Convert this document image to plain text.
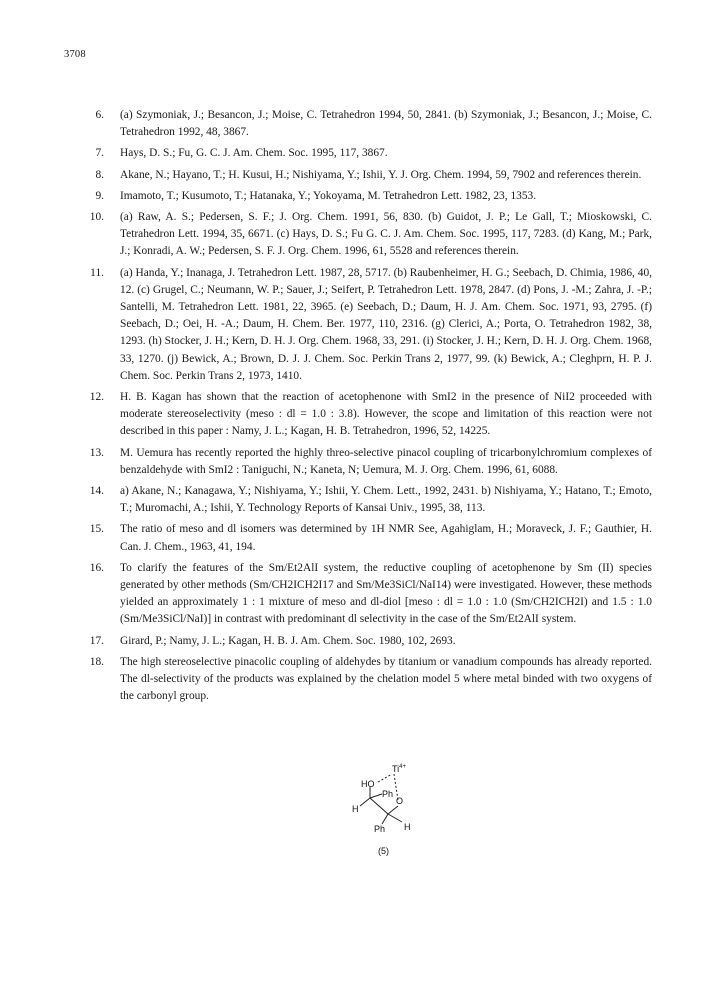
3708
6. (a) Szymoniak, J.; Besancon, J.; Moise, C. Tetrahedron 1994, 50, 2841. (b) Szymoniak, J.; Besancon, J.; Moise, C. Tetrahedron 1992, 48, 3867.
7. Hays, D. S.; Fu, G. C. J. Am. Chem. Soc. 1995, 117, 3867.
8. Akane, N.; Hayano, T.; H. Kusui, H.; Nishiyama, Y.; Ishii, Y. J. Org. Chem. 1994, 59, 7902 and references therein.
9. Imamoto, T.; Kusumoto, T.; Hatanaka, Y.; Yokoyama, M. Tetrahedron Lett. 1982, 23, 1353.
10. (a) Raw, A. S.; Pedersen, S. F.; J. Org. Chem. 1991, 56, 830. (b) Guidot, J. P.; Le Gall, T.; Mioskowski, C. Tetrahedron Lett. 1994, 35, 6671. (c) Hays, D. S.; Fu G. C. J. Am. Chem. Soc. 1995, 117, 7283. (d) Kang, M.; Park, J.; Konradi, A. W.; Pedersen, S. F. J. Org. Chem. 1996, 61, 5528 and references therein.
11. (a) Handa, Y.; Inanaga, J. Tetrahedron Lett. 1987, 28, 5717. (b) Raubenheimer, H. G.; Seebach, D. Chimia, 1986, 40, 12. (c) Grugel, C.; Neumann, W. P.; Sauer, J.; Seifert, P. Tetrahedron Lett. 1978, 2847. (d) Pons, J. -M.; Zahra, J. -P.; Santelli, M. Tetrahedron Lett. 1981, 22, 3965. (e) Seebach, D.; Daum, H. J. Am. Chem. Soc. 1971, 93, 2795. (f) Seebach, D.; Oei, H. -A.; Daum, H. Chem. Ber. 1977, 110, 2316. (g) Clerici, A.; Porta, O. Tetrahedron 1982, 38, 1293. (h) Stocker, J. H.; Kern, D. H. J. Org. Chem. 1968, 33, 291. (i) Stocker, J. H.; Kern, D. H. J. Org. Chem. 1968, 33, 1270. (j) Bewick, A.; Brown, D. J. J. Chem. Soc. Perkin Trans 2, 1977, 99. (k) Bewick, A.; Cleghprn, H. P. J. Chem. Soc. Perkin Trans 2, 1973, 1410.
12. H. B. Kagan has shown that the reaction of acetophenone with SmI2 in the presence of NiI2 proceeded with moderate stereoselectivity (meso : dl = 1.0 : 3.8). However, the scope and limitation of this reaction were not described in this paper : Namy, J. L.; Kagan, H. B. Tetrahedron, 1996, 52, 14225.
13. M. Uemura has recently reported the highly threo-selective pinacol coupling of tricarbonylchromium complexes of benzaldehyde with SmI2 : Taniguchi, N.; Kaneta, N; Uemura, M. J. Org. Chem. 1996, 61, 6088.
14. a) Akane, N.; Kanagawa, Y.; Nishiyama, Y.; Ishii, Y. Chem. Lett., 1992, 2431. b) Nishiyama, Y.; Hatano, T.; Emoto, T.; Muromachi, A.; Ishii, Y. Technology Reports of Kansai Univ., 1995, 38, 113.
15. The ratio of meso and dl isomers was determined by 1H NMR See, Agahiglam, H.; Moraveck, J. F.; Gauthier, H. Can. J. Chem., 1963, 41, 194.
16. To clarify the features of the Sm/Et2AlI system, the reductive coupling of acetophenone by Sm (II) species generated by other methods (Sm/CH2ICH2I17 and Sm/Me3SiCl/NaI14) were investigated. However, these methods yielded an approximately 1 : 1 mixture of meso and dl-diol [meso : dl = 1.0 : 1.0 (Sm/CH2ICH2I) and 1.5 : 1.0 (Sm/Me3SiCl/NaI)] in contrast with predominant dl selectivity in the case of the Sm/Et2AlI system.
17. Girard, P.; Namy, J. L.; Kagan, H. B. J. Am. Chem. Soc. 1980, 102, 2693.
18. The high stereoselective pinacolic coupling of aldehydes by titanium or vanadium compounds has already reported. The dl-selectivity of the products was explained by the chelation model 5 where metal binded with two oxygens of the carbonyl group.
$Ti^{4+}$
HO
Ph
O
H
Ph H
(5)
